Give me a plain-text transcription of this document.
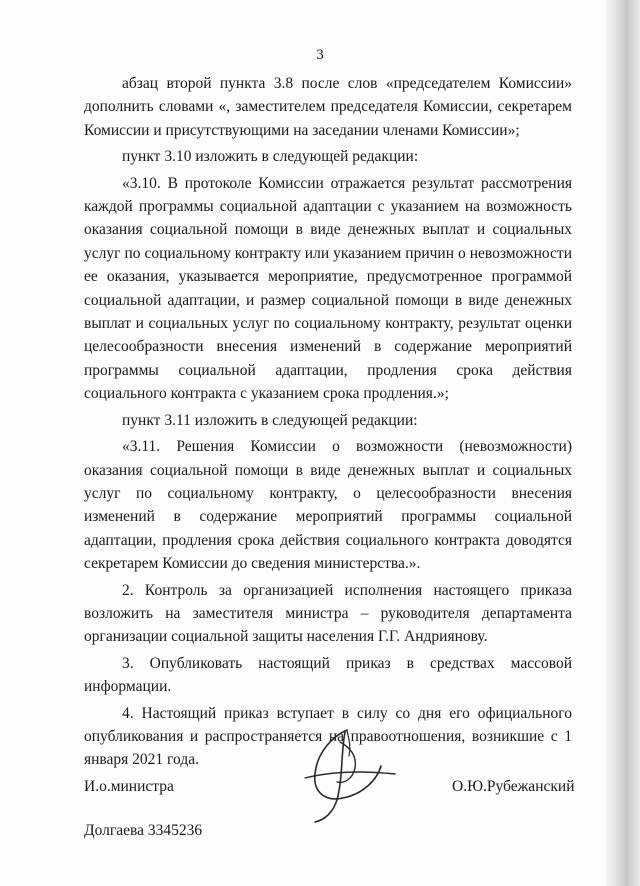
3

абзац второй пункта 3.8 после слов «председателем Комиссии» дополнить словами «, заместителем председателя Комиссии, секретарем Комиссии и присутствующими на заседании членами Комиссии»;

пункт 3.10 изложить в следующей редакции:

«3.10. В протоколе Комиссии отражается результат рассмотрения каждой программы социальной адаптации с указанием на возможность оказания социальной помощи в виде денежных выплат и социальных услуг по социальному контракту или указанием причин о невозможности ее оказания, указывается мероприятие, предусмотренное программой социальной адаптации, и размер социальной помощи в виде денежных выплат и социальных услуг по социальному контракту, результат оценки целесообразности внесения изменений в содержание мероприятий программы социальной адаптации, продления срока действия социального контракта с указанием срока продления.»;

пункт 3.11 изложить в следующей редакции:

«3.11. Решения Комиссии о возможности (невозможности) оказания социальной помощи в виде денежных выплат и социальных услуг по социальному контракту, о целесообразности внесения изменений в содержание мероприятий программы социальной адаптации, продления срока действия социального контракта доводятся секретарем Комиссии до сведения министерства.».

2. Контроль за организацией исполнения настоящего приказа возложить на заместителя министра – руководителя департамента организации социальной защиты населения Г.Г. Андриянову.

3. Опубликовать настоящий приказ в средствах массовой информации.

4. Настоящий приказ вступает в силу со дня его официального опубликования и распространяется на правоотношения, возникшие с 1 января 2021 года.

И.о.министра	О.Ю.Рубежанский
Долгаева 3345236
